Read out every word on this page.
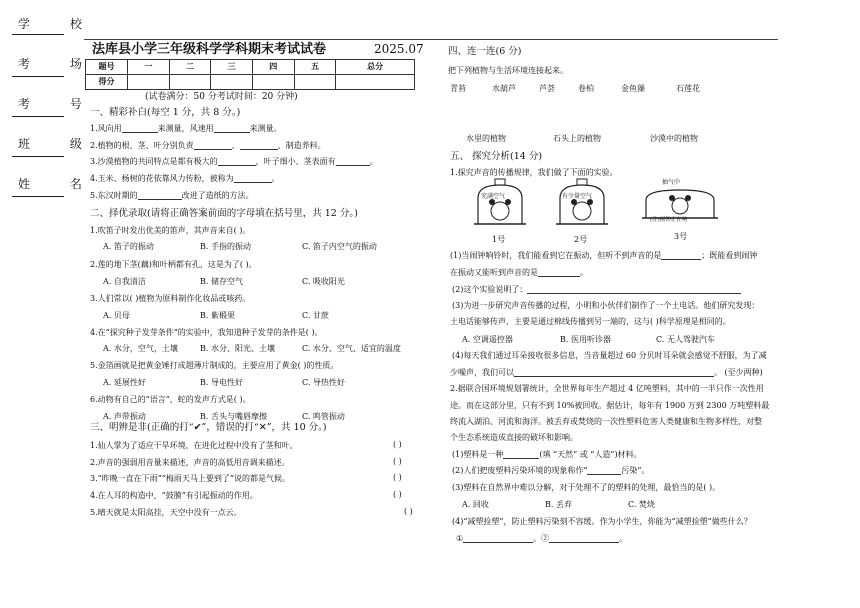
学 校
考 场
考 号
班 级
姓 名
法库县小学三年级科学学科期末考试试卷	2025.07
题号	一	二	三	四	五	总分
得分						
(试卷满分：50 分考试时间：20 分钟)
一、精彩补白(每空 1 分，共 8 分。)
1.风向用	来测量，风速用	来测量。
2.植物的根、茎、叶分别负责	、	、制造养料。
3.沙漠植物的共同特点是都有极大的	，叶子细小、茎表面有	。
4.玉米、杨树的花依靠风力传粉，被称为	。
5.东汉时期的	改进了造纸的方法。
二、择优录取(请将正确答案前面的字母填在括号里，共 12 分。)
1.吹笛子时发出优美的笛声，其声音来自( )。
A. 笛子的振动	B. 手指的振动	C. 笛子内空气的振动
2.莲的地下茎(藕)和叶柄都有孔，这是为了( )。
A. 自我清洁	B. 储存空气	C. 吸收阳光
3.人们常以( )植物为原料制作化妆品或咳药。
A. 贝母	B. 紫椴果	C. 甘蔗
4.在“探究种子发芽条件”的实验中，我知道种子发芽的条件是( )。
A. 水分，空气，土壤	B. 水分、阳光、土壤	C. 水分、空气、适宜的温度
5.金箔画就是把黄金锤打成超薄片制成的，主要应用了黄金( )的性质。
A. 延展性好	B. 导电性好	C. 导热性好
6.动物有自己的“语言”，蛇的发声方式是( )。
A. 声带振动	B. 舌头与嘴唇摩擦	C. 鸣管振动
三、明辨是非(正确的打“✔”，错误的打“✕”，共 10 分。)
1.仙人掌为了适应干旱环境，在进化过程中没有了茎和叶。	( )
2.声音的强弱用音量来描述，声音的高低用音调来描述。	( )
3.“昨晚一直在下雨”“梅雨天马上要到了”说的都是气候。	( )
4.在人耳的构造中，“鼓膜”有引起振动的作用。	( )
5.晴天就是太阳高挂，天空中没有一点云。	( )
四、连一连(6 分)
把下列植物与生活环境连接起来。
青苔	水葫芦	芦荟	卷柏	金鱼藻	石莲花
水里的植物	石头上的植物	沙漠中的植物
五、 探究分析(14 分)
1.探究声音的传播规律，我们做了下面的实验。
充满空气
1号
有少量空气
2号
抽气中
(注)闹钟正在响
3号
(1)当闹钟响铃时，我们能看到它在振动，但听不到声音的是	；既能看到闹钟
在振动又能听到声音的是	。
(2)这个实验说明了：
(3)为进一步研究声音传播的过程，小明和小伙伴们制作了一个土电话。他们研究发现：
土电话能够传声，主要是通过棉线传播到另一端的，这与( )科学原理是相同的。
A. 空调遥控器	B. 医用听诊器	C. 无人驾驶汽车
(4)每天我们通过耳朵接收很多信息，当音量超过 60 分贝时耳朵就会感觉不舒服，为了减
少噪声，我们可以	。 (至少两种)
2.据联合国环境规划署统计，全世界每年生产超过 4 亿吨塑料，其中的一半只作一次性用
途。而在这部分里，只有不到 10%被回收。据估计，每年有 1900 万到 2300 万吨塑料最
终流入湖泊、河流和海洋。被丢弃或焚烧的一次性塑料危害人类健康和生物多样性，对整
个生态系统造成直接的破坏和影响。
(1)塑料是一种	(填 “天然” 或 “人造”)材料。
(2)人们把废塑料污染环境的现象称作“	污染”。
(3)塑料在自然界中难以分解，对于处理不了的塑料的处理，最恰当的是( )。
A. 回收	B. 丢弃	C. 焚烧
(4)“减塑捡塑”，防止塑料污染刻不容缓。作为小学生，你能为“减塑捡塑”做些什么？
①	。②	。
